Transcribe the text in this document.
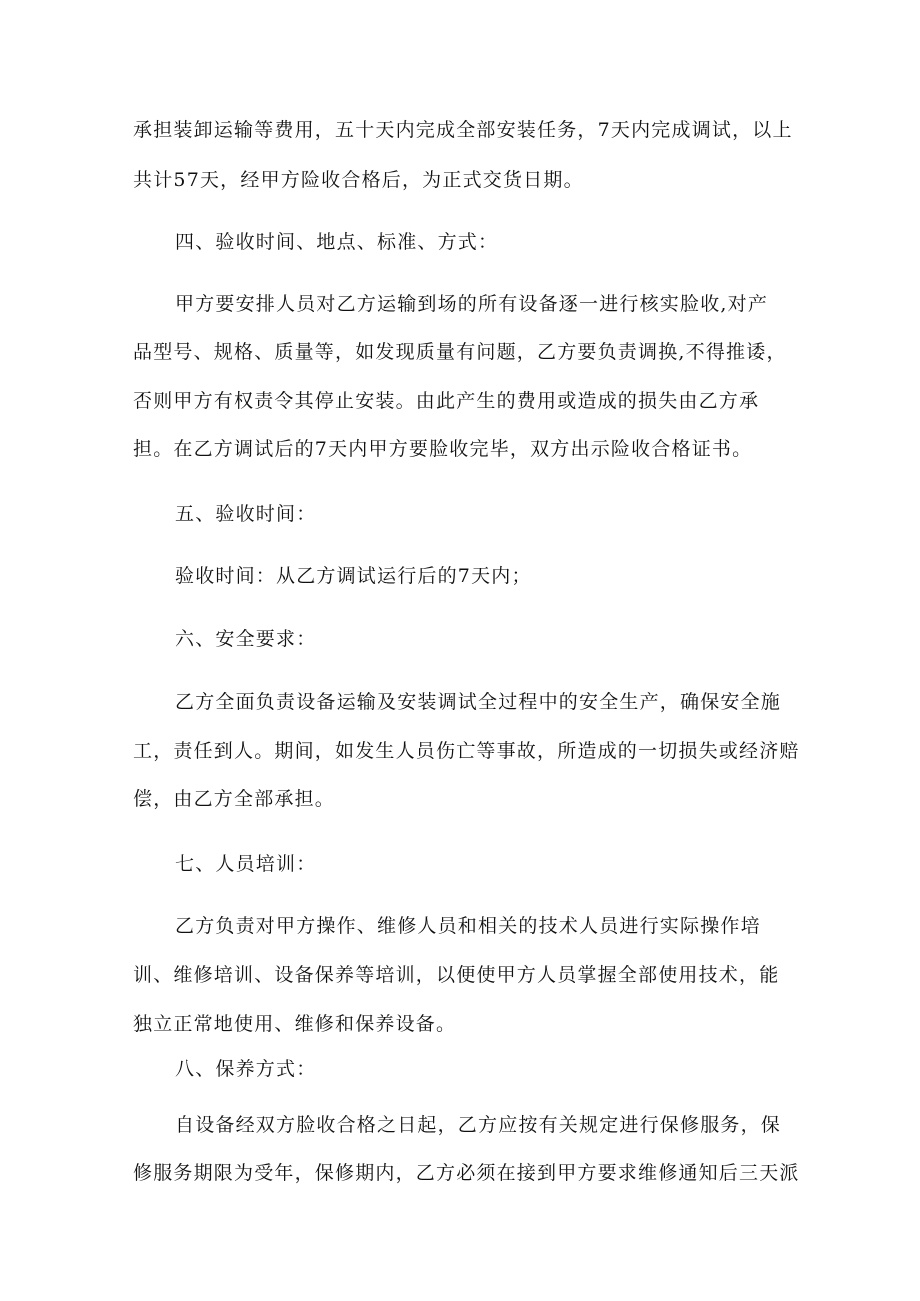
承担装卸运输等费用，五十天内完成全部安装任务，7天内完成调试，以上
共计57天，经甲方险收合格后，为正式交货日期。
四、验收时间、地点、标准、方式：
甲方要安排人员对乙方运输到场的所有设备逐一进行核实脸收,对产
品型号、规格、质量等，如发现质量有问题，乙方要负责调换,不得推诿，
否则甲方有权责令其停止安装。由此产生的费用或造成的损失由乙方承
担。在乙方调试后的7天内甲方要脸收完毕，双方出示险收合格证书。
五、验收时间：
验收时间：从乙方调试运行后的7天内；
六、安全要求：
乙方全面负责设备运输及安装调试全过程中的安全生产，确保安全施
工，责任到人。期间，如发生人员伤亡等事故，所造成的一切损失或经济赔
偿，由乙方全部承担。
七、人员培训：
乙方负责对甲方操作、维修人员和相关的技术人员进行实际操作培
训、维修培训、设备保养等培训，以便使甲方人员掌握全部使用技术，能
独立正常地使用、维修和保养设备。
八、保养方式：
自设备经双方脸收合格之日起，乙方应按有关规定进行保修服务，保
修服务期限为受年，保修期内，乙方必须在接到甲方要求维修通知后三天派
